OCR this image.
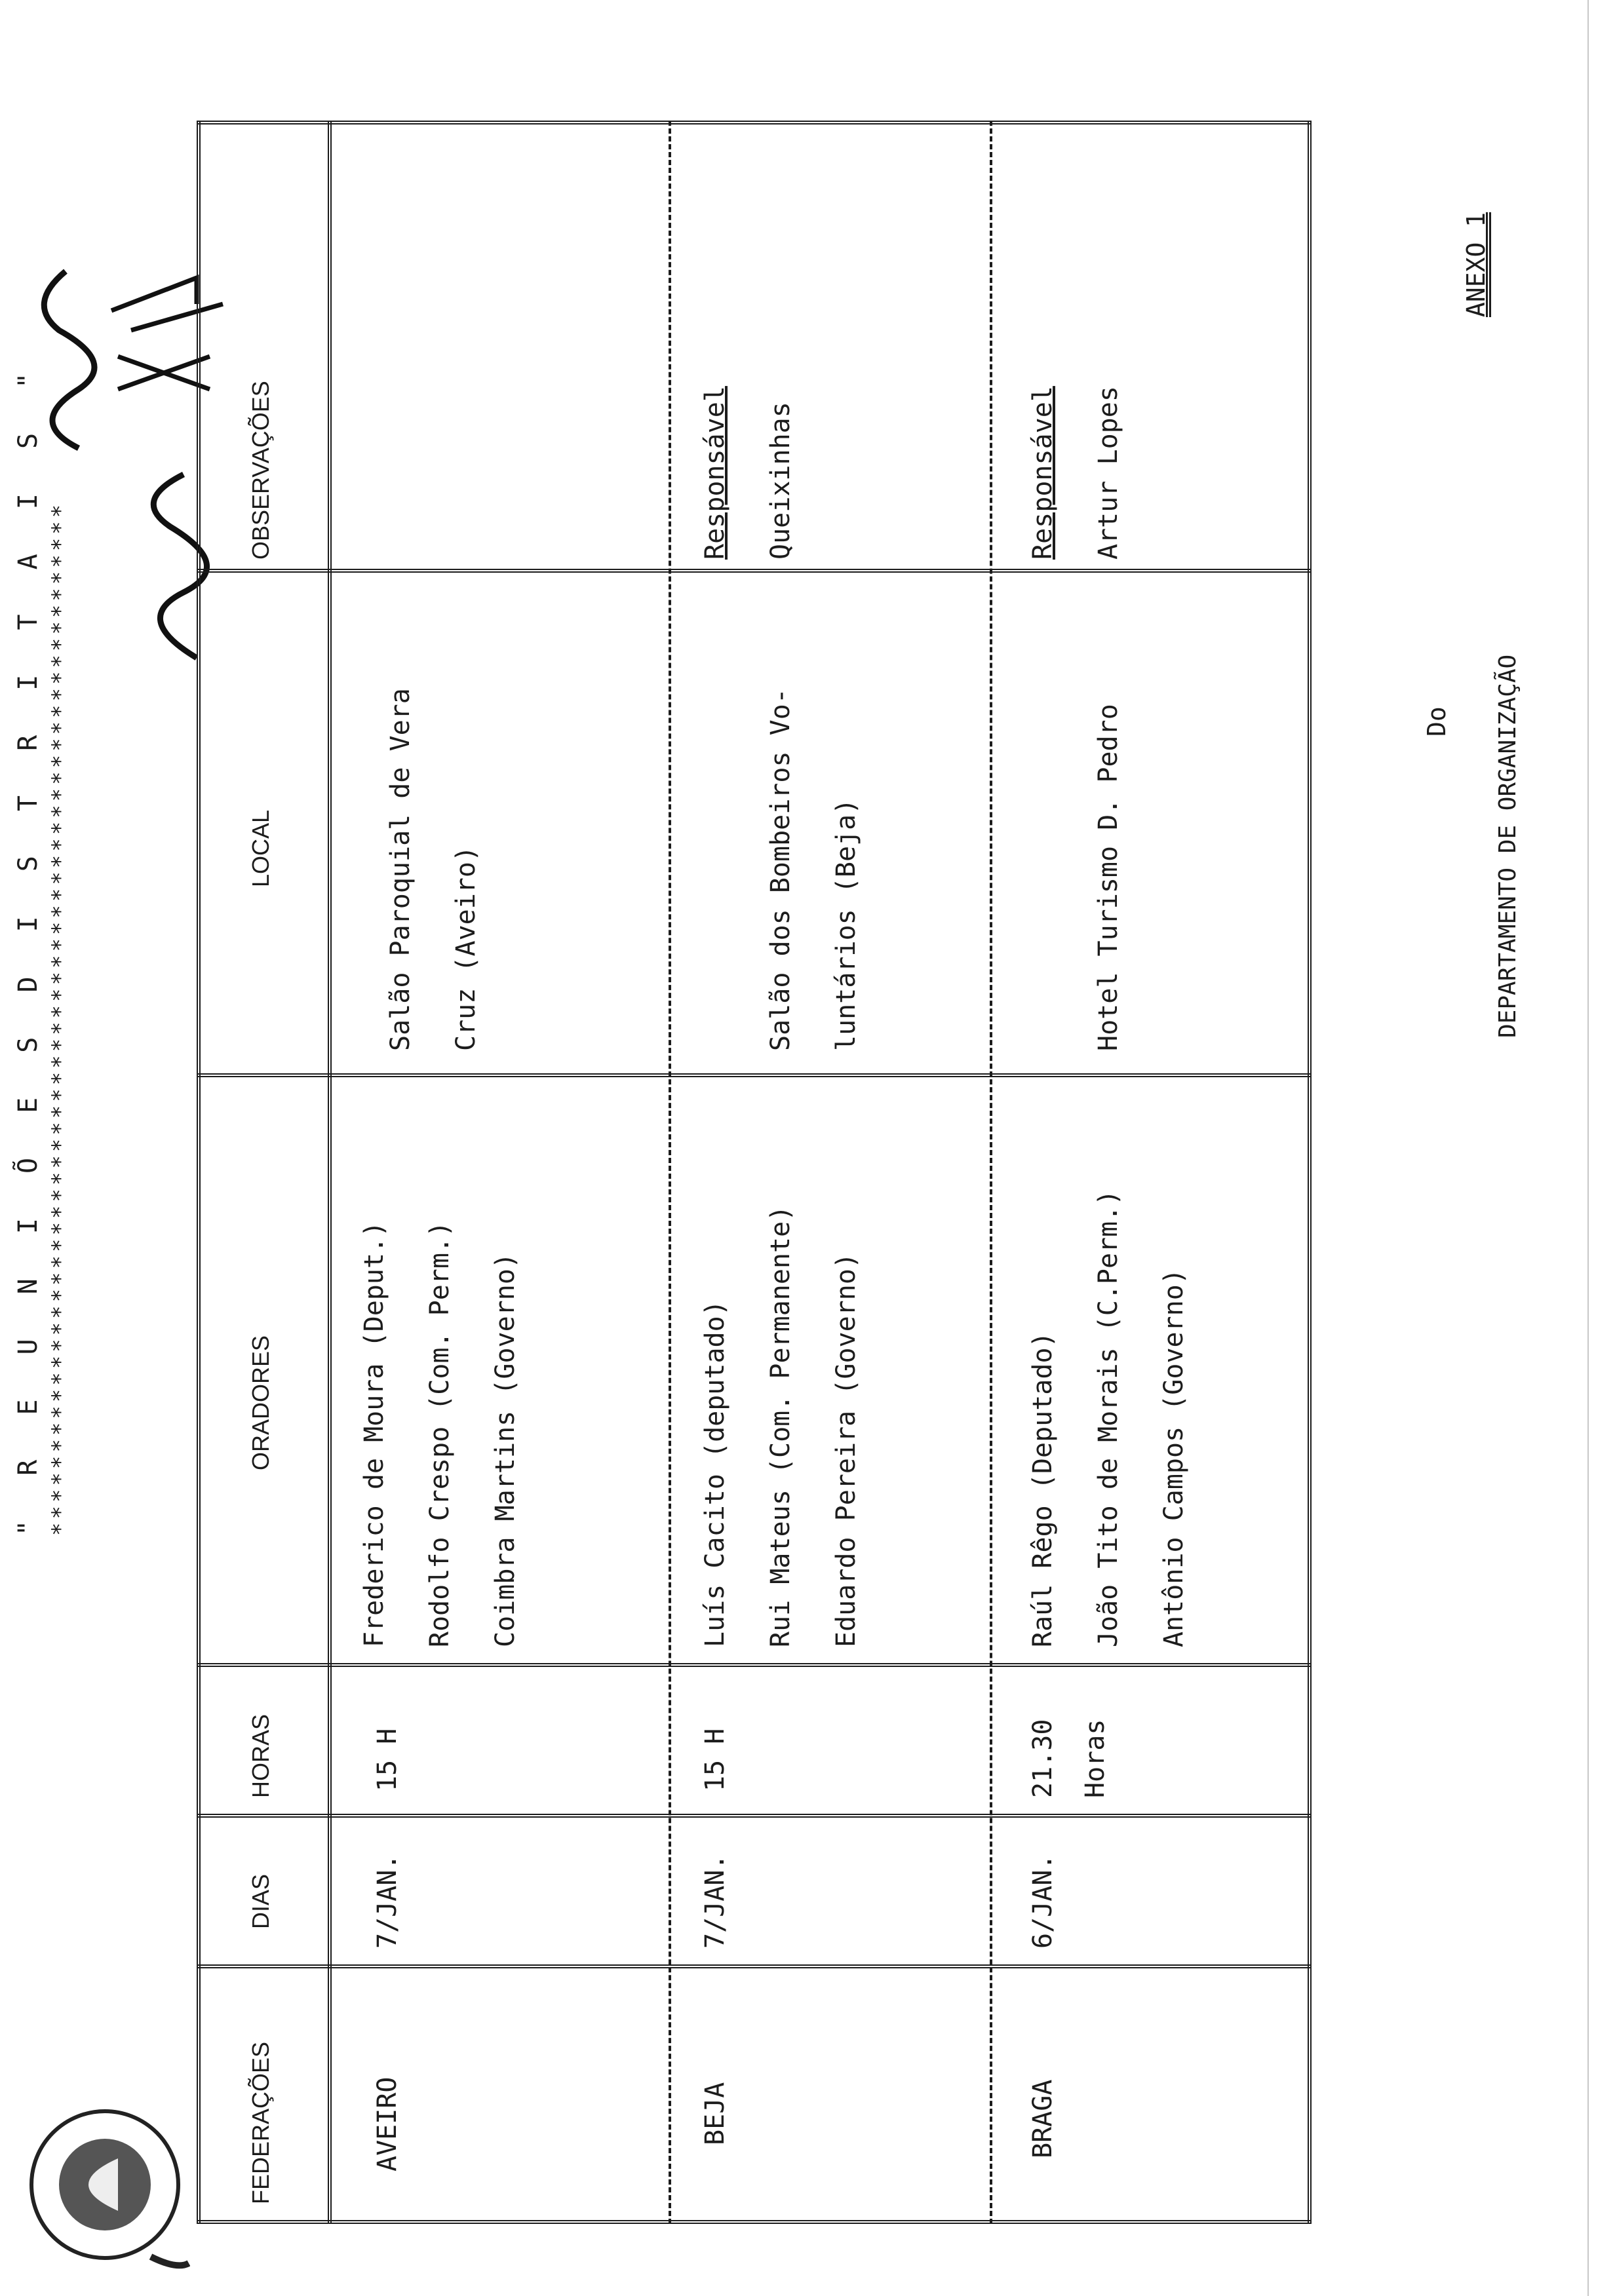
" R E U N I Õ E S D I S T R I T A I S " **************************************************************
ANEXO 1
FEDERAÇÕES
DIAS
HORAS
ORADORES
LOCAL
OBSERVAÇÕES
AVEIRO
7/JAN.
15 H
Frederico de Moura (Deput.) Rodolfo Crespo (Com. Perm.) Coimbra Martins (Governo)
Salão Paroquial de Vera Cruz (Aveiro)
BEJA
7/JAN.
15 H
Luís Cacito (deputado) Rui Mateus (Com. Permanente) Eduardo Pereira (Governo)
Salão dos Bombeiros Vo- luntários (Beja)
Responsável Queixinhas
BRAGA
6/JAN.
21.30 Horas
Raúl Rêgo (Deputado) João Tito de Morais (C.Perm.) Antônio Campos (Governo)
Hotel Turismo D. Pedro
Responsável Artur Lopes
Do DEPARTAMENTO DE ORGANIZAÇÃO
